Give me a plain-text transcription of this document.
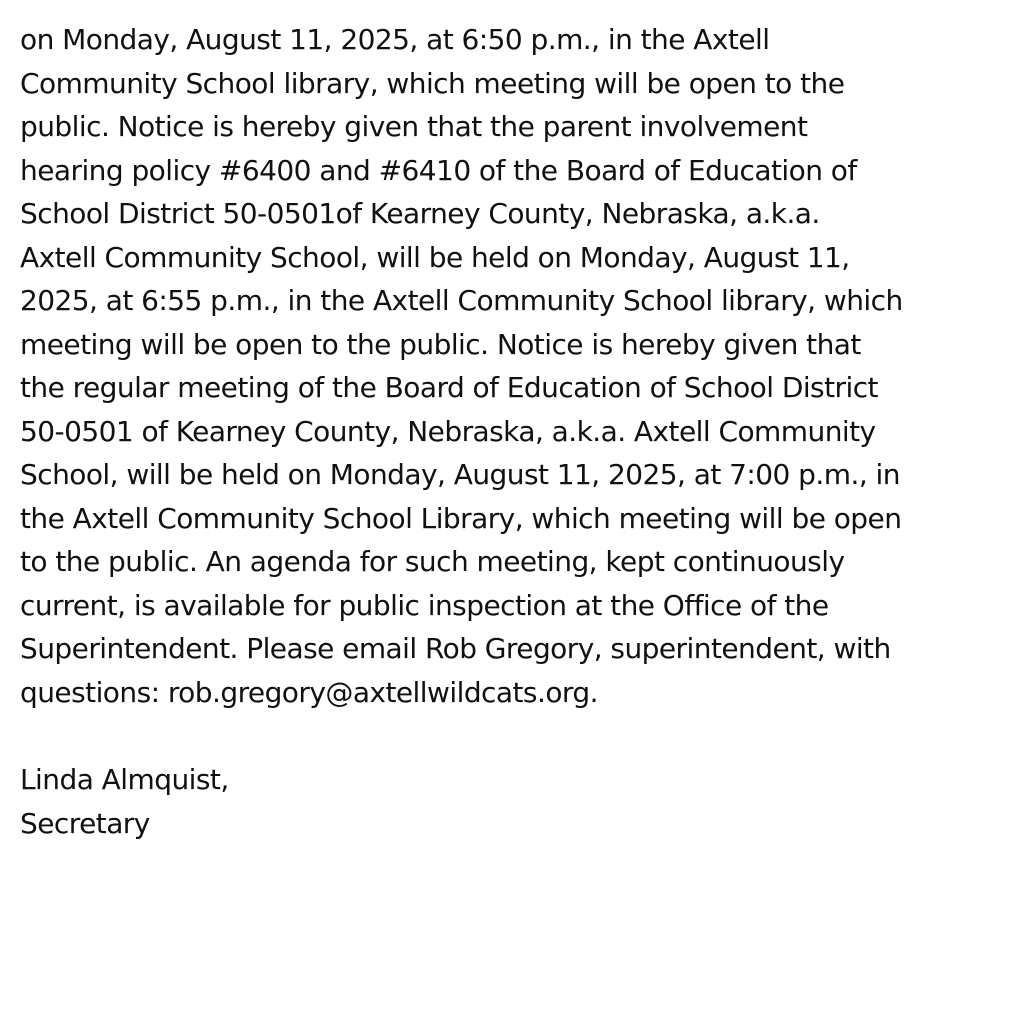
on Monday, August 11, 2025, at 6:50 p.m., in the Axtell
Community School library, which meeting will be open to the
public. Notice is hereby given that the parent involvement
hearing policy #6400 and #6410 of the Board of Education of
School District 50-0501of Kearney County, Nebraska, a.k.a.
Axtell Community School, will be held on Monday, August 11,
2025, at 6:55 p.m., in the Axtell Community School library, which
meeting will be open to the public. Notice is hereby given that
the regular meeting of the Board of Education of School District
50-0501 of Kearney County, Nebraska, a.k.a. Axtell Community
School, will be held on Monday, August 11, 2025, at 7:00 p.m., in
the Axtell Community School Library, which meeting will be open
to the public. An agenda for such meeting, kept continuously
current, is available for public inspection at the Office of the
Superintendent. Please email Rob Gregory, superintendent, with
questions: rob.gregory@axtellwildcats.org.
Linda Almquist,
Secretary
